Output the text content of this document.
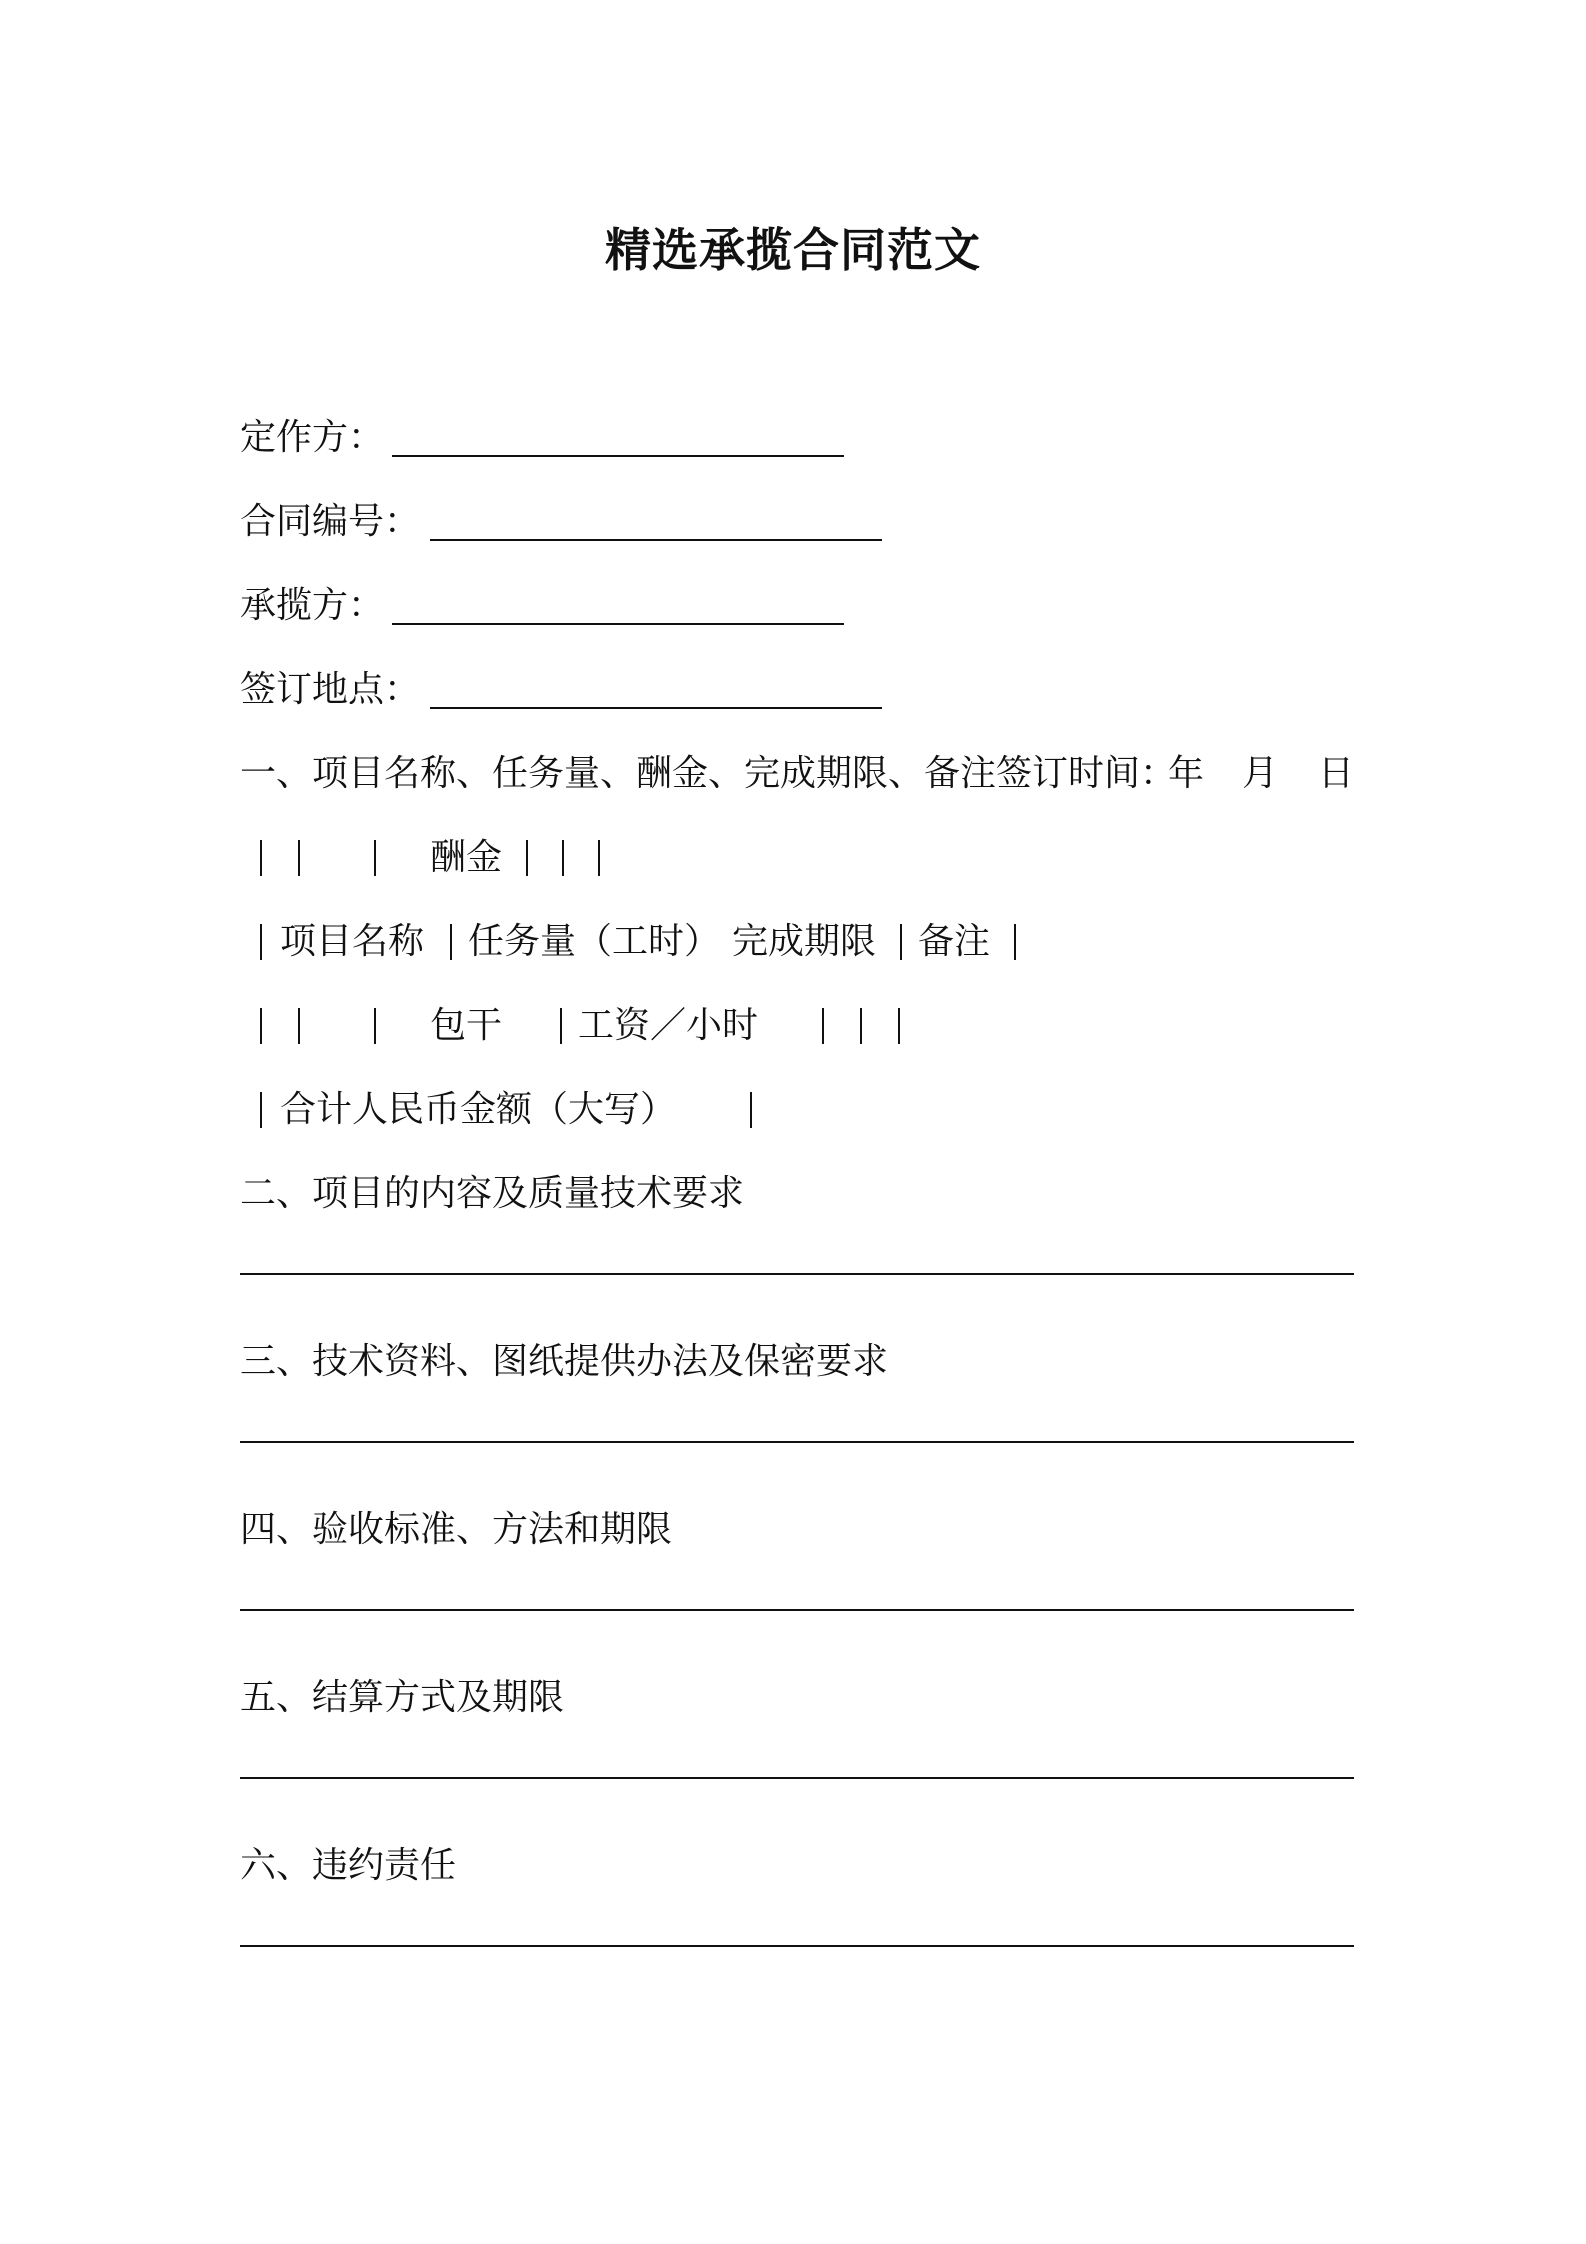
精选承揽合同范文
定作方：
合同编号：
承揽方：
签订地点：
一、项目名称、任务量、酬金、完成期限、备注签订时间：
年 月 日
酬金
项目名称 任务量（工时） 完成期限 备注
包干 工资／小时
合计人民币金额（大写）
二、项目的内容及质量技术要求
三、技术资料、图纸提供办法及保密要求
四、验收标准、方法和期限
五、结算方式及期限
六、违约责任
